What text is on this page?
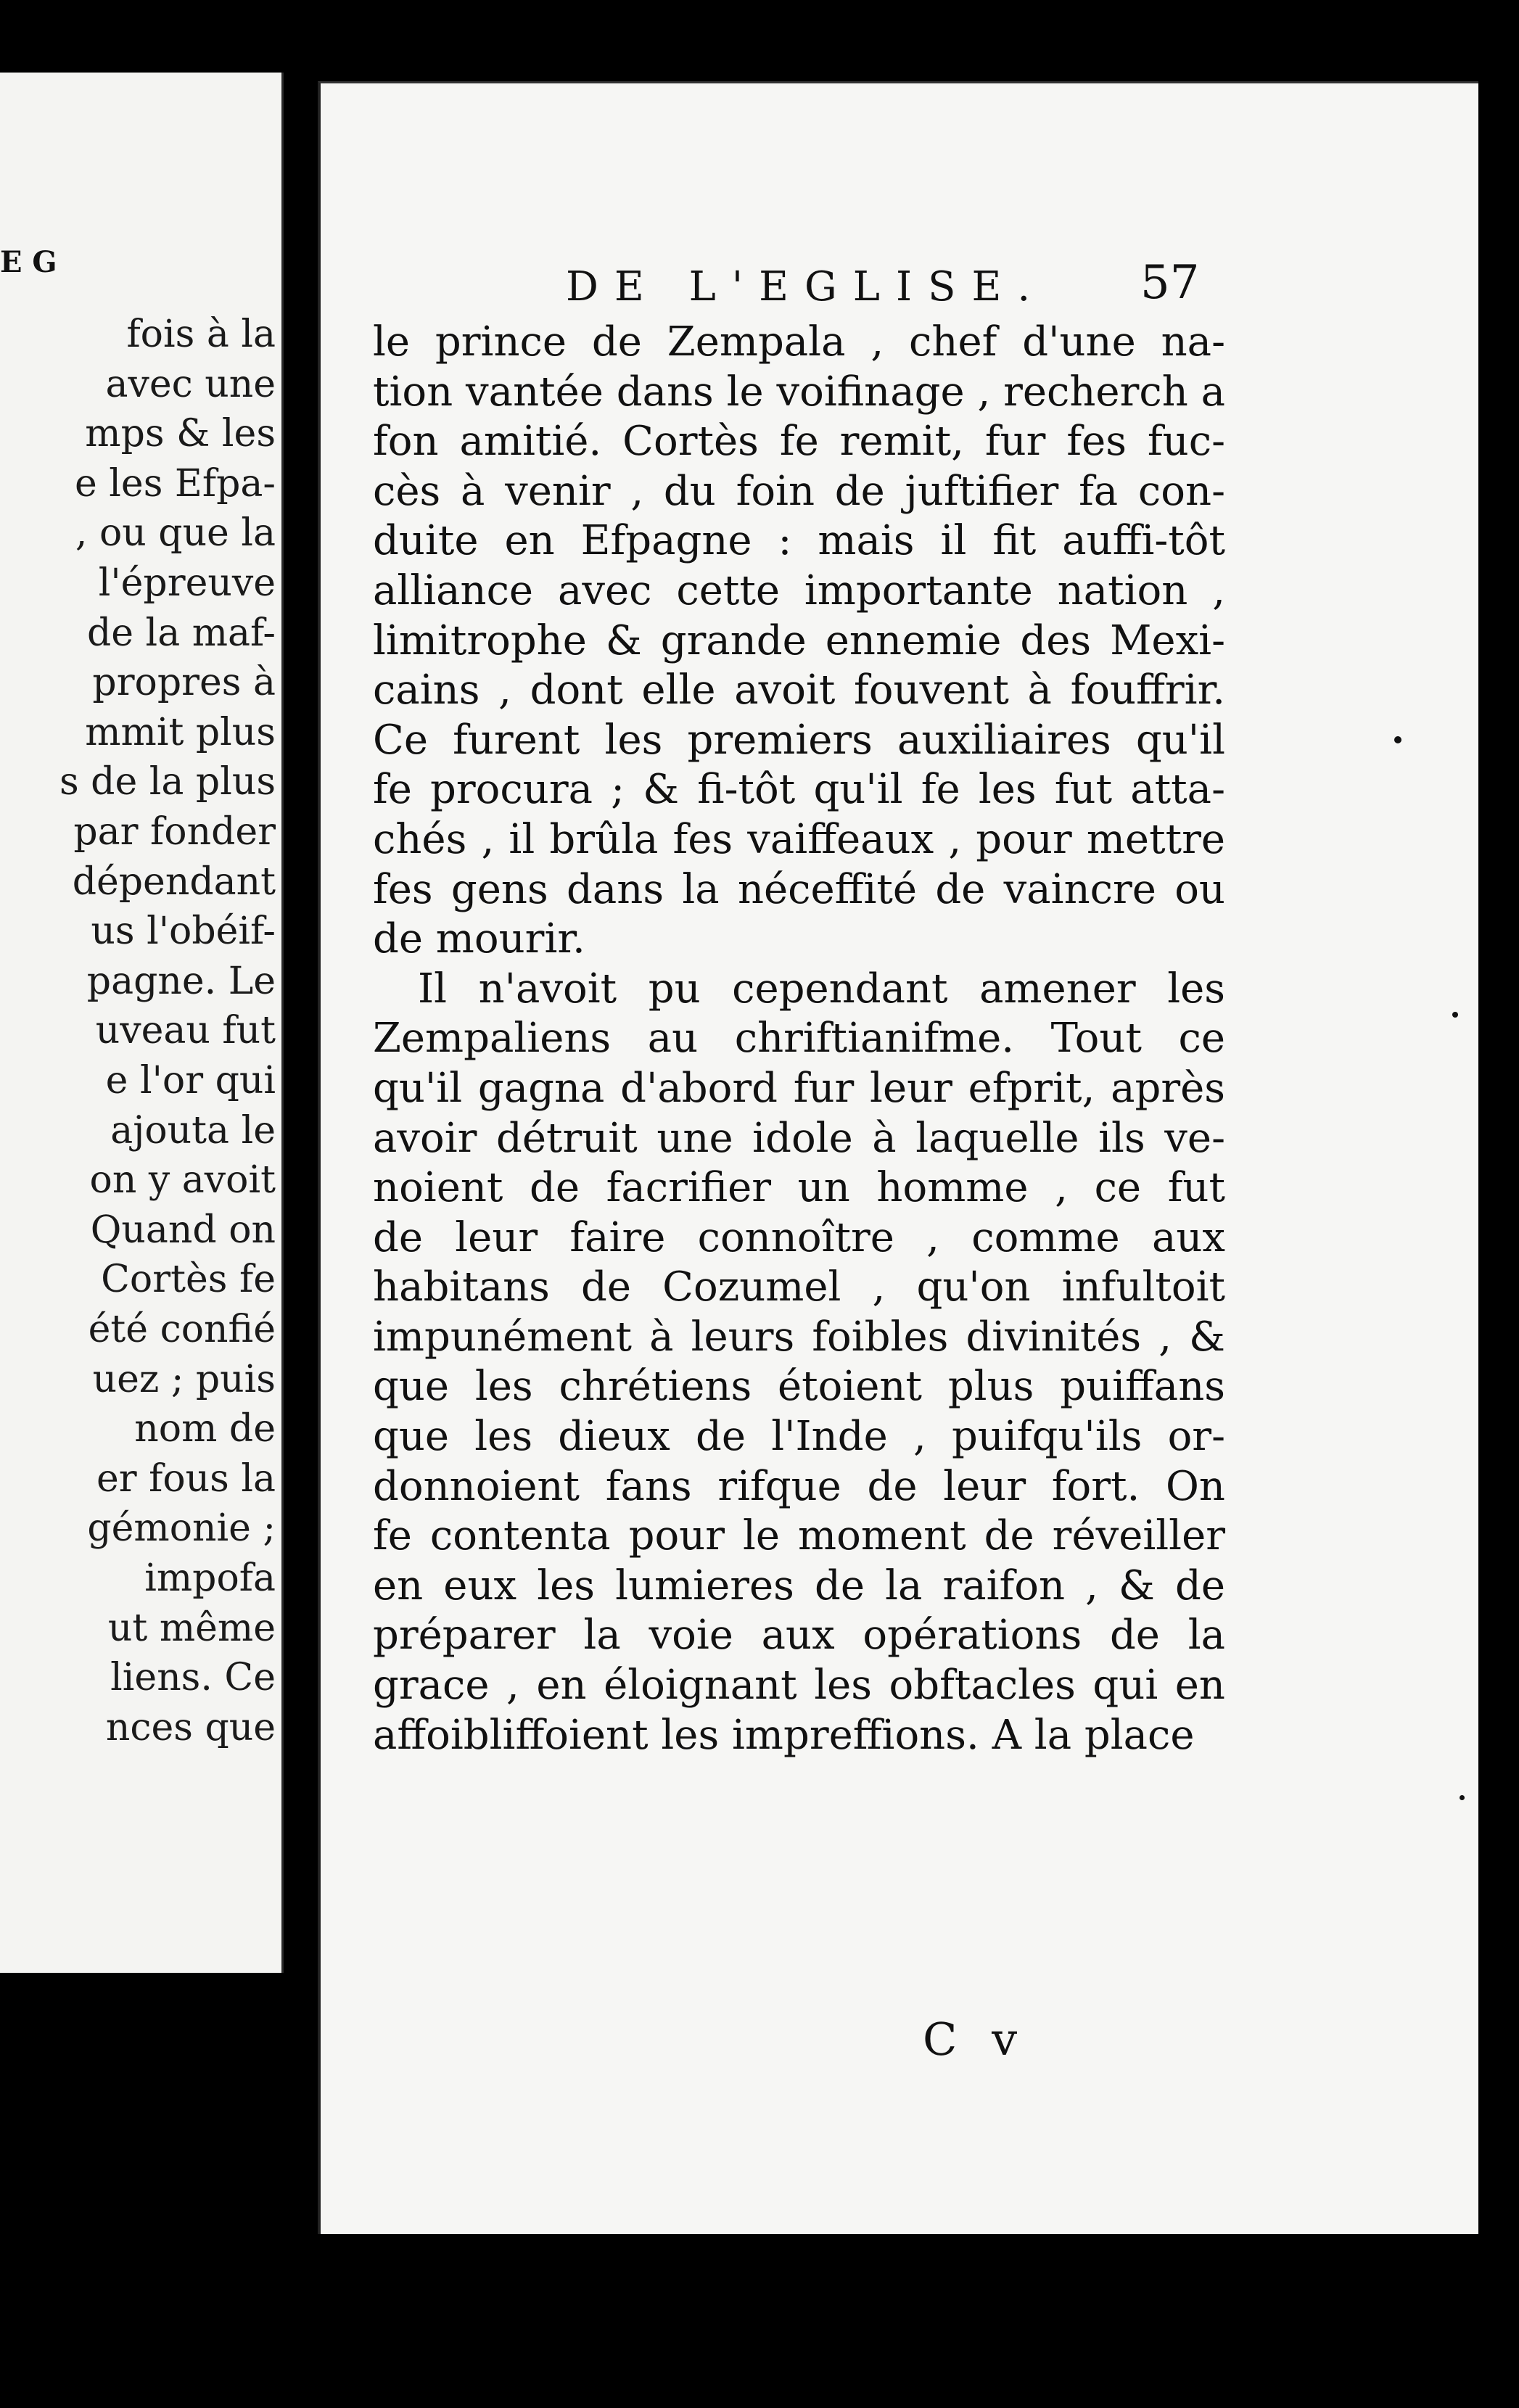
E G
fois à la
avec une
mps & les
e les Efpa-
, ou que la
l'épreuve
de la maf-
propres à
mmit plus
s de la plus
par fonder
dépendant
us l'obéif-
pagne. Le
uveau fut
e l'or qui
ajouta le
on y avoit
Quand on
Cortès fe
été confié
uez ; puis
nom de
er fous la
gémonie ;
impofa
ut même
liens. Ce
nces que
DE L'EGLISE.	57
le prince de Zempala , chef d'une na-
tion vantée dans le voifinage , recherch a
fon amitié. Cortès fe remit, fur fes fuc-
cès à venir , du foin de juftifier fa con-
duite en Efpagne : mais il fit auffi-tôt
alliance avec cette importante nation ,
limitrophe & grande ennemie des Mexi-
cains , dont elle avoit fouvent à fouffrir.
Ce furent les premiers auxiliaires qu'il
fe procura ; & fi-tôt qu'il fe les fut atta-
chés , il brûla fes vaiffeaux , pour mettre
fes gens dans la néceffité de vaincre ou
de mourir.
Il n'avoit pu cependant amener les
Zempaliens au chriftianifme. Tout ce
qu'il gagna d'abord fur leur efprit, après
avoir détruit une idole à laquelle ils ve-
noient de facrifier un homme , ce fut
de leur faire connoître , comme aux
habitans de Cozumel , qu'on infultoit
impunément à leurs foibles divinités , &
que les chrétiens étoient plus puiffans
que les dieux de l'Inde , puifqu'ils or-
donnoient fans rifque de leur fort. On
fe contenta pour le moment de réveiller
en eux les lumieres de la raifon , & de
préparer la voie aux opérations de la
grace , en éloignant les obftacles qui en
affoibliffoient les impreffions. A la place
C v
